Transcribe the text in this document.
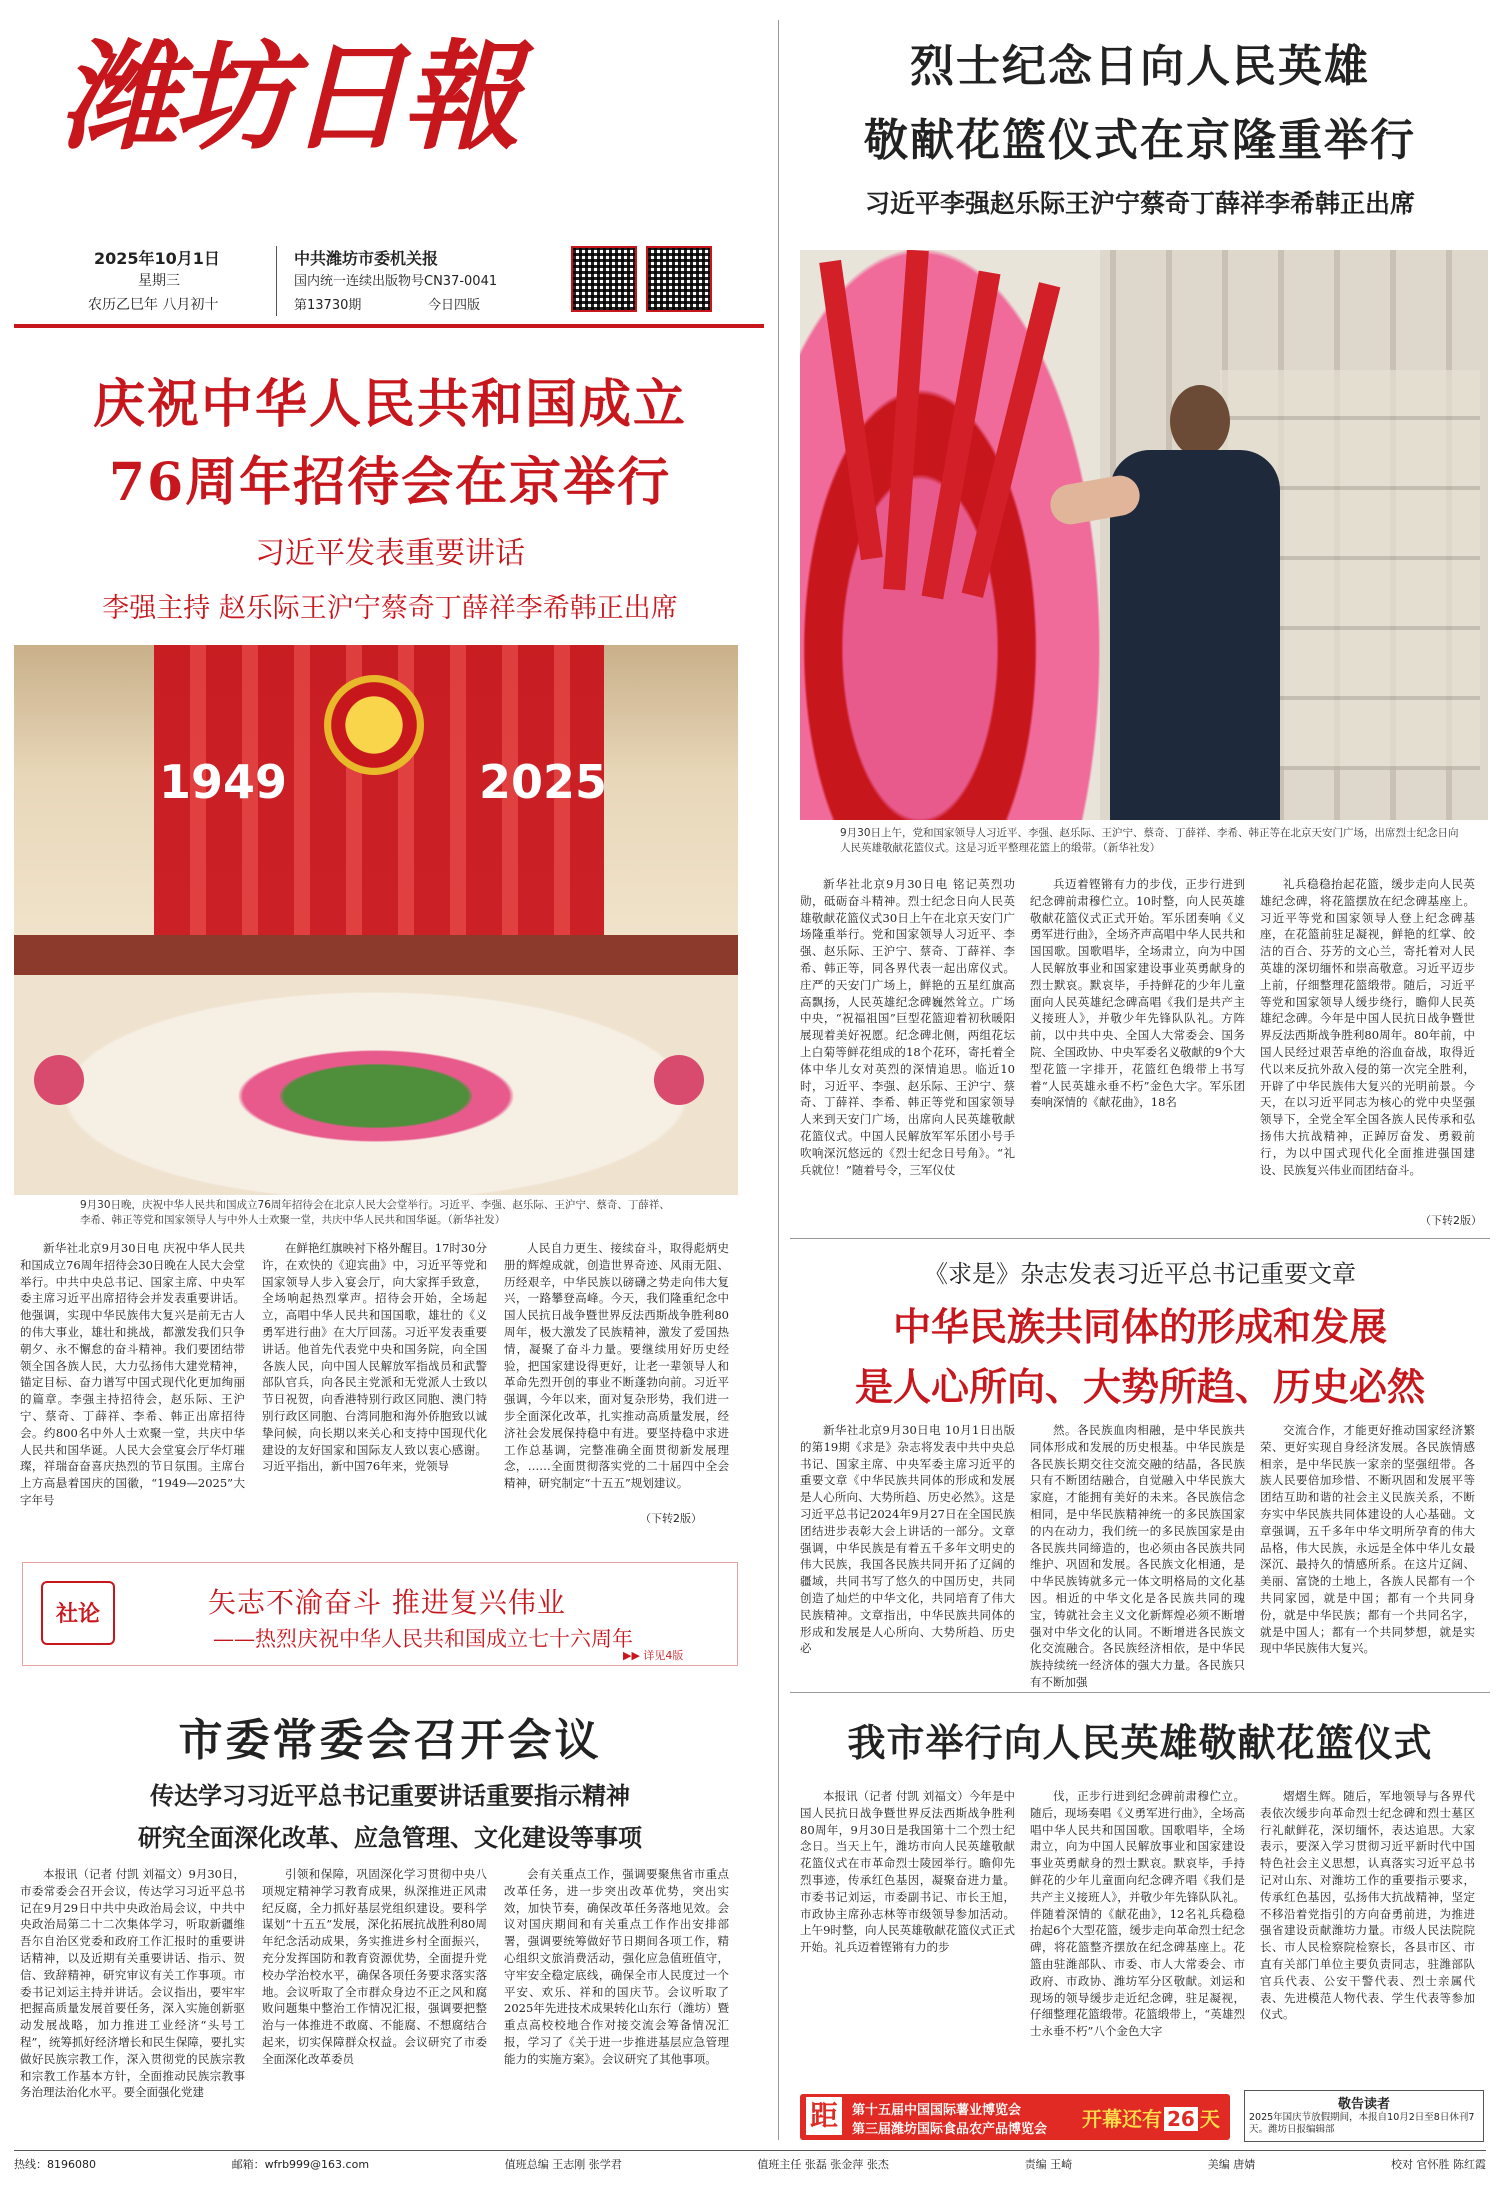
潍坊日報
2025年10月1日
星期三
农历乙巳年 八月初十
中共潍坊市委机关报
国内统一连续出版物号CN37-0041
第13730期	今日四版
庆祝中华人民共和国成立
76周年招待会在京举行
习近平发表重要讲话
李强主持 赵乐际王沪宁蔡奇丁薛祥李希韩正出席
1949	2025
9月30日晚，庆祝中华人民共和国成立76周年招待会在北京人民大会堂举行。习近平、李强、赵乐际、王沪宁、蔡奇、丁薛祥、李希、韩正等党和国家领导人与中外人士欢聚一堂，共庆中华人民共和国华诞。（新华社发）

新华社北京9月30日电 庆祝中华人民共和国成立76周年招待会30日晚在人民大会堂举行。中共中央总书记、国家主席、中央军委主席习近平出席招待会并发表重要讲话。他强调，实现中华民族伟大复兴是前无古人的伟大事业，雄壮和挑战，都激发我们只争朝夕、永不懈怠的奋斗精神。我们要团结带领全国各族人民，大力弘扬伟大建党精神，锚定目标、奋力谱写中国式现代化更加绚丽的篇章。李强主持招待会，赵乐际、王沪宁、蔡奇、丁薛祥、李希、韩正出席招待会。约800名中外人士欢聚一堂，共庆中华人民共和国华诞。人民大会堂宴会厅华灯璀璨，祥瑞奋奋喜庆热烈的节日氛围。主席台上方高悬着国庆的国徽，“1949—2025”大字年号

在鲜艳红旗映衬下格外醒目。17时30分许，在欢快的《迎宾曲》中，习近平等党和国家领导人步入宴会厅，向大家挥手致意，全场响起热烈掌声。招待会开始，全场起立，高唱中华人民共和国国歌，雄壮的《义勇军进行曲》在大厅回荡。习近平发表重要讲话。他首先代表党中央和国务院，向全国各族人民，向中国人民解放军指战员和武警部队官兵，向各民主党派和无党派人士致以节日祝贺，向香港特别行政区同胞、澳门特别行政区同胞、台湾同胞和海外侨胞致以诚挚问候，向长期以来关心和支持中国现代化建设的友好国家和国际友人致以衷心感谢。习近平指出，新中国76年来，党领导

人民自力更生、接续奋斗，取得彪炳史册的辉煌成就，创造世界奇迹、风雨无阻、历经艰辛，中华民族以磅礴之势走向伟大复兴，一路攀登高峰。今天，我们隆重纪念中国人民抗日战争暨世界反法西斯战争胜利80周年，极大激发了民族精神，激发了爱国热情，凝聚了奋斗力量。要继续用好历史经验，把国家建设得更好，让老一辈领导人和革命先烈开创的事业不断蓬勃向前。习近平强调，今年以来，面对复杂形势，我们进一步全面深化改革，扎实推动高质量发展，经济社会发展保持稳中有进。要坚持稳中求进工作总基调，完整准确全面贯彻新发展理念，……全面贯彻落实党的二十届四中全会精神，研究制定“十五五”规划建议。

（下转2版）
社论	矢志不渝奋斗 推进复兴伟业
——热烈庆祝中华人民共和国成立七十六周年
▶▶ 详见4版
市委常委会召开会议
传达学习习近平总书记重要讲话重要指示精神
研究全面深化改革、应急管理、文化建设等事项

本报讯（记者 付凯 刘福文）9月30日，市委常委会召开会议，传达学习习近平总书记在9月29日中共中央政治局会议，中共中央政治局第二十二次集体学习，听取新疆维吾尔自治区党委和政府工作汇报时的重要讲话精神，以及近期有关重要讲话、指示、贺信、致辞精神，研究审议有关工作事项。市委书记刘运主持并讲话。会议指出，要牢牢把握高质量发展首要任务，深入实施创新驱动发展战略，加力推进工业经济“头号工程”，统筹抓好经济增长和民生保障，要扎实做好民族宗教工作，深入贯彻党的民族宗教和宗教工作基本方针，全面推动民族宗教事务治理法治化水平。要全面强化党建

引领和保障，巩固深化学习贯彻中央八项规定精神学习教育成果，纵深推进正风肃纪反腐，全力抓好基层党组织建设。要科学谋划“十五五”发展，深化拓展抗战胜利80周年纪念活动成果，务实推进乡村全面振兴，充分发挥国防和教育资源优势，全面提升党校办学治校水平，确保各项任务要求落实落地。会议听取了全市群众身边不正之风和腐败问题集中整治工作情况汇报，强调要把整治与一体推进不敢腐、不能腐、不想腐结合起来，切实保障群众权益。会议研究了市委全面深化改革委员

会有关重点工作，强调要聚焦省市重点改革任务，进一步突出改革优势，突出实效，加快节奏，确保改革任务落地见效。会议对国庆期间和有关重点工作作出安排部署，强调要统筹做好节日期间各项工作，精心组织文旅消费活动，强化应急值班值守，守牢安全稳定底线，确保全市人民度过一个平安、欢乐、祥和的国庆节。会议听取了2025年先进技术成果转化山东行（潍坊）暨重点高校校地合作对接交流会筹备情况汇报，学习了《关于进一步推进基层应急管理能力的实施方案》。会议研究了其他事项。

烈士纪念日向人民英雄
敬献花篮仪式在京隆重举行
习近平李强赵乐际王沪宁蔡奇丁薛祥李希韩正出席
9月30日上午，党和国家领导人习近平、李强、赵乐际、王沪宁、蔡奇、丁薛祥、李希、韩正等在北京天安门广场，出席烈士纪念日向人民英雄敬献花篮仪式。这是习近平整理花篮上的缎带。（新华社发）

新华社北京9月30日电 铭记英烈功勋，砥砺奋斗精神。烈士纪念日向人民英雄敬献花篮仪式30日上午在北京天安门广场隆重举行。党和国家领导人习近平、李强、赵乐际、王沪宁、蔡奇、丁薛祥、李希、韩正等，同各界代表一起出席仪式。庄严的天安门广场上，鲜艳的五星红旗高高飘扬，人民英雄纪念碑巍然耸立。广场中央，“祝福祖国”巨型花篮迎着初秋暖阳展现着美好祝愿。纪念碑北侧，两组花坛上白菊等鲜花组成的18个花环，寄托着全体中华儿女对英烈的深情追思。临近10时，习近平、李强、赵乐际、王沪宁、蔡奇、丁薛祥、李希、韩正等党和国家领导人来到天安门广场，出席向人民英雄敬献花篮仪式。中国人民解放军军乐团小号手吹响深沉悠远的《烈士纪念日号角》。“礼兵就位！”随着号令，三军仪仗

兵迈着铿锵有力的步伐，正步行进到纪念碑前肃穆伫立。10时整，向人民英雄敬献花篮仪式正式开始。军乐团奏响《义勇军进行曲》，全场齐声高唱中华人民共和国国歌。国歌唱毕，全场肃立，向为中国人民解放事业和国家建设事业英勇献身的烈士默哀。默哀毕，手持鲜花的少年儿童面向人民英雄纪念碑高唱《我们是共产主义接班人》，并敬少年先锋队队礼。方阵前，以中共中央、全国人大常委会、国务院、全国政协、中央军委名义敬献的9个大型花篮一字排开，花篮红色缎带上书写着“人民英雄永垂不朽”金色大字。军乐团奏响深情的《献花曲》，18名

礼兵稳稳抬起花篮，缓步走向人民英雄纪念碑，将花篮摆放在纪念碑基座上。习近平等党和国家领导人登上纪念碑基座，在花篮前驻足凝视，鲜艳的红掌、皎洁的百合、芬芳的文心兰，寄托着对人民英雄的深切缅怀和崇高敬意。习近平迈步上前，仔细整理花篮缎带。随后，习近平等党和国家领导人缓步绕行，瞻仰人民英雄纪念碑。今年是中国人民抗日战争暨世界反法西斯战争胜利80周年。80年前，中国人民经过艰苦卓绝的浴血奋战，取得近代以来反抗外敌入侵的第一次完全胜利，开辟了中华民族伟大复兴的光明前景。今天，在以习近平同志为核心的党中央坚强领导下，全党全军全国各族人民传承和弘扬伟大抗战精神，正踔厉奋发、勇毅前行，为以中国式现代化全面推进强国建设、民族复兴伟业而团结奋斗。

（下转2版）
《求是》杂志发表习近平总书记重要文章
中华民族共同体的形成和发展
是人心所向、大势所趋、历史必然

新华社北京9月30日电 10月1日出版的第19期《求是》杂志将发表中共中央总书记、国家主席、中央军委主席习近平的重要文章《中华民族共同体的形成和发展是人心所向、大势所趋、历史必然》。这是习近平总书记2024年9月27日在全国民族团结进步表彰大会上讲话的一部分。文章强调，中华民族是有着五千多年文明史的伟大民族，我国各民族共同开拓了辽阔的疆域，共同书写了悠久的中国历史，共同创造了灿烂的中华文化，共同培育了伟大民族精神。文章指出，中华民族共同体的形成和发展是人心所向、大势所趋、历史必

然。各民族血肉相融，是中华民族共同体形成和发展的历史根基。中华民族是各民族长期交往交流交融的结晶，各民族只有不断团结融合，自觉融入中华民族大家庭，才能拥有美好的未来。各民族信念相同，是中华民族精神统一的多民族国家的内在动力，我们统一的多民族国家是由各民族共同缔造的，也必须由各民族共同维护、巩固和发展。各民族文化相通，是中华民族铸就多元一体文明格局的文化基因。相近的中华文化是各民族共同的瑰宝，铸就社会主义文化新辉煌必须不断增强对中华文化的认同。不断增进各民族文化交流融合。各民族经济相依，是中华民族持续统一经济体的强大力量。各民族只有不断加强

交流合作，才能更好推动国家经济繁荣、更好实现自身经济发展。各民族情感相亲，是中华民族一家亲的坚强纽带。各族人民要倍加珍惜、不断巩固和发展平等团结互助和谐的社会主义民族关系，不断夯实中华民族共同体建设的人心基础。文章强调，五千多年中华文明所孕育的伟大品格，伟大民族，永远是全体中华儿女最深沉、最持久的情感所系。在这片辽阔、美丽、富饶的土地上，各族人民都有一个共同家园，就是中国；都有一个共同身份，就是中华民族；都有一个共同名字，就是中国人；都有一个共同梦想，就是实现中华民族伟大复兴。

我市举行向人民英雄敬献花篮仪式

本报讯（记者 付凯 刘福文）今年是中国人民抗日战争暨世界反法西斯战争胜利80周年，9月30日是我国第十二个烈士纪念日。当天上午，潍坊市向人民英雄敬献花篮仪式在市革命烈士陵园举行。瞻仰先烈事迹，传承红色基因，凝聚奋进力量。市委书记刘运，市委副书记、市长王旭，市政协主席孙志林等市级领导参加活动。上午9时整，向人民英雄敬献花篮仪式正式开始。礼兵迈着铿锵有力的步

伐，正步行进到纪念碑前肃穆伫立。随后，现场奏唱《义勇军进行曲》，全场高唱中华人民共和国国歌。国歌唱毕，全场肃立，向为中国人民解放事业和国家建设事业英勇献身的烈士默哀。默哀毕，手持鲜花的少年儿童面向纪念碑齐唱《我们是共产主义接班人》，并敬少年先锋队队礼。伴随着深情的《献花曲》，12名礼兵稳稳抬起6个大型花篮，缓步走向革命烈士纪念碑，将花篮整齐摆放在纪念碑基座上。花篮由驻潍部队、市委、市人大常委会、市政府、市政协、潍坊军分区敬献。刘运和现场的领导缓步走近纪念碑，驻足凝视，仔细整理花篮缎带。花篮缎带上，“英雄烈士永垂不朽”八个金色大字

熠熠生辉。随后，军地领导与各界代表依次缓步向革命烈士纪念碑和烈士墓区行礼献鲜花，深切缅怀，表达追思。大家表示，要深入学习贯彻习近平新时代中国特色社会主义思想，认真落实习近平总书记对山东、对潍坊工作的重要指示要求，传承红色基因，弘扬伟大抗战精神，坚定不移沿着党指引的方向奋勇前进，为推进强省建设贡献潍坊力量。市级人民法院院长、市人民检察院检察长，各县市区、市直有关部门单位主要负责同志，驻潍部队官兵代表、公安干警代表、烈士亲属代表、先进模范人物代表、学生代表等参加仪式。

距	第十五届中国国际薯业博览会
第三届潍坊国际食品农产品博览会 开幕还有 26 天
敬告读者
2025年国庆节放假期间，本报自10月2日至8日休刊7天。潍坊日报编辑部
热线：8196080	邮箱：wfrb999@163.com	值班总编 王志刚 张学君	值班主任 张磊 张金萍 张杰	责编 王崎	美编 唐婧	校对 官怀胜 陈红霞
